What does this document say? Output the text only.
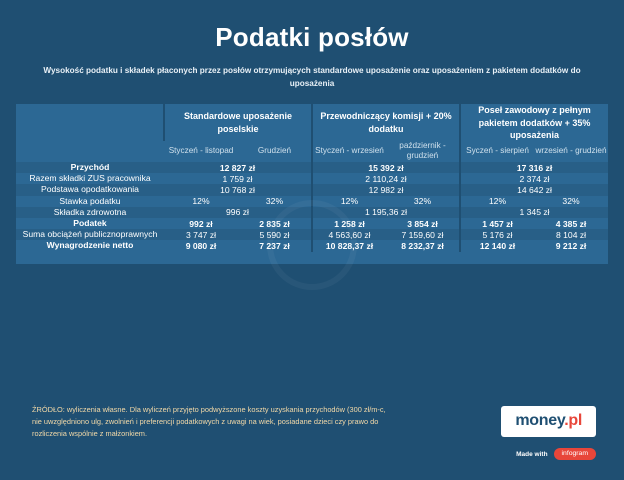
Podatki posłów
Wysokość podatku i składek płaconych przez posłów otrzymujących standardowe uposażenie oraz uposażeniem z pakietem dodatków do uposażenia
	Standardowe uposażenie poselskie		Przewodniczący komisji + 20% dodatku		Poseł zawodowy z pełnym pakietem dodatków + 35% uposażenia	
	Styczeń - listopad	Grudzień	Styczeń - wrzesień	październik - grudzień	Syczeń - sierpień	wrzesień - grudzień
Przychód	12 827 zł		15 392 zł		17 316 zł	
Razem składki ZUS pracownika	1 759 zł		2 110,24 zł		2 374 zł	
Podstawa opodatkowania	10 768 zł		12 982 zł		14 642 zł	
Stawka podatku	12%	32%	12%	32%	12%	32%
Składka zdrowotna	996 zł		1 195,36 zł		1 345 zł	
Podatek	992 zł	2 835 zł	1 258 zł	3 854 zł	1 457 zł	4 385 zł
Suma obciążeń publicznoprawnych	3 747 zł	5 590 zł	4 563,60 zł	7 159,60 zł	5 176 zł	8 104 zł
Wynagrodzenie netto	9 080 zł	7 237 zł	10 828,37 zł	8 232,37 zł	12 140 zł	9 212 zł

ŹRÓDŁO: wyliczenia własne. Dla wyliczeń przyjęto podwyższone koszty uzyskania przychodów (300 zł/m-c, nie uwzględniono ulg, zwolnień i preferencji podatkowych z uwagi na wiek, posiadane dzieci czy prawo do rozliczenia wspólnie z małżonkiem.
money.pl
Made with	infogram
